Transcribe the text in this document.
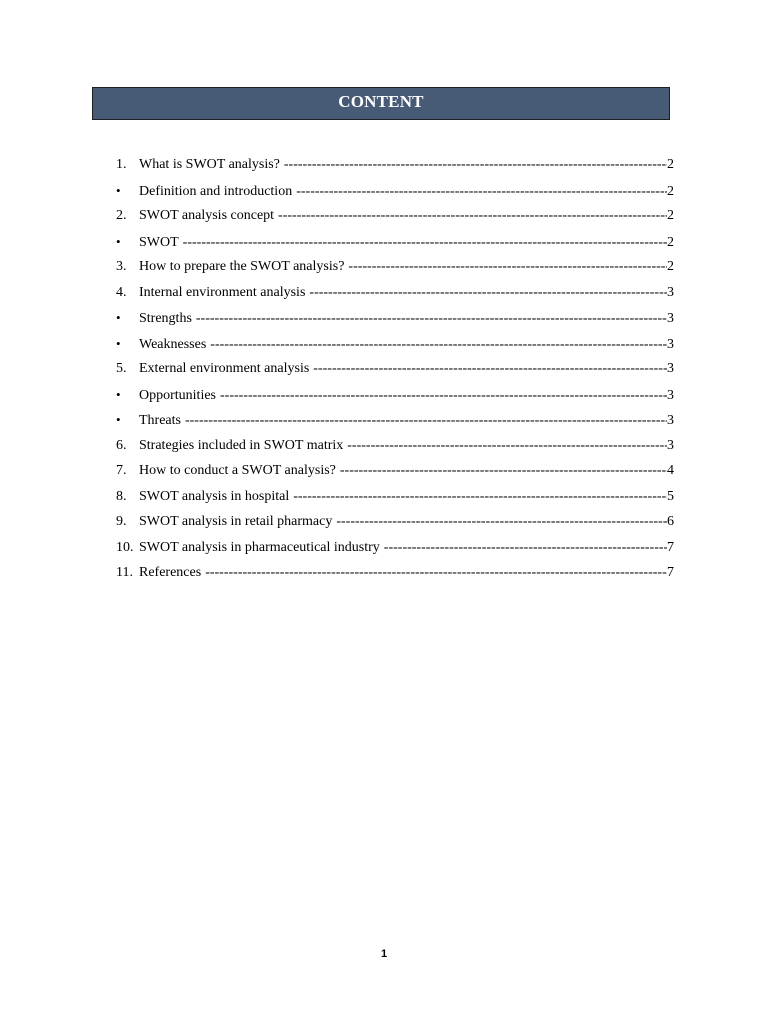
CONTENT
1. What is SWOT analysis? -----	2
•	Definition and introduction -----	2
2. SWOT analysis concept -----	2
•	SWOT -----	2
3. How to prepare the SWOT analysis? -----	2
4. Internal environment analysis -----	3
•	Strengths -----	3
•	Weaknesses -----	3
5. External environment analysis -----	3
•	Opportunities -----	3
•	Threats -----	3
6. Strategies included in SWOT matrix -----	3
7. How to conduct a SWOT analysis? -----	4
8. SWOT analysis in hospital -----	5
9. SWOT analysis in retail pharmacy -----	6
10. SWOT analysis in pharmaceutical industry -----	7
11. References -----	7
1
